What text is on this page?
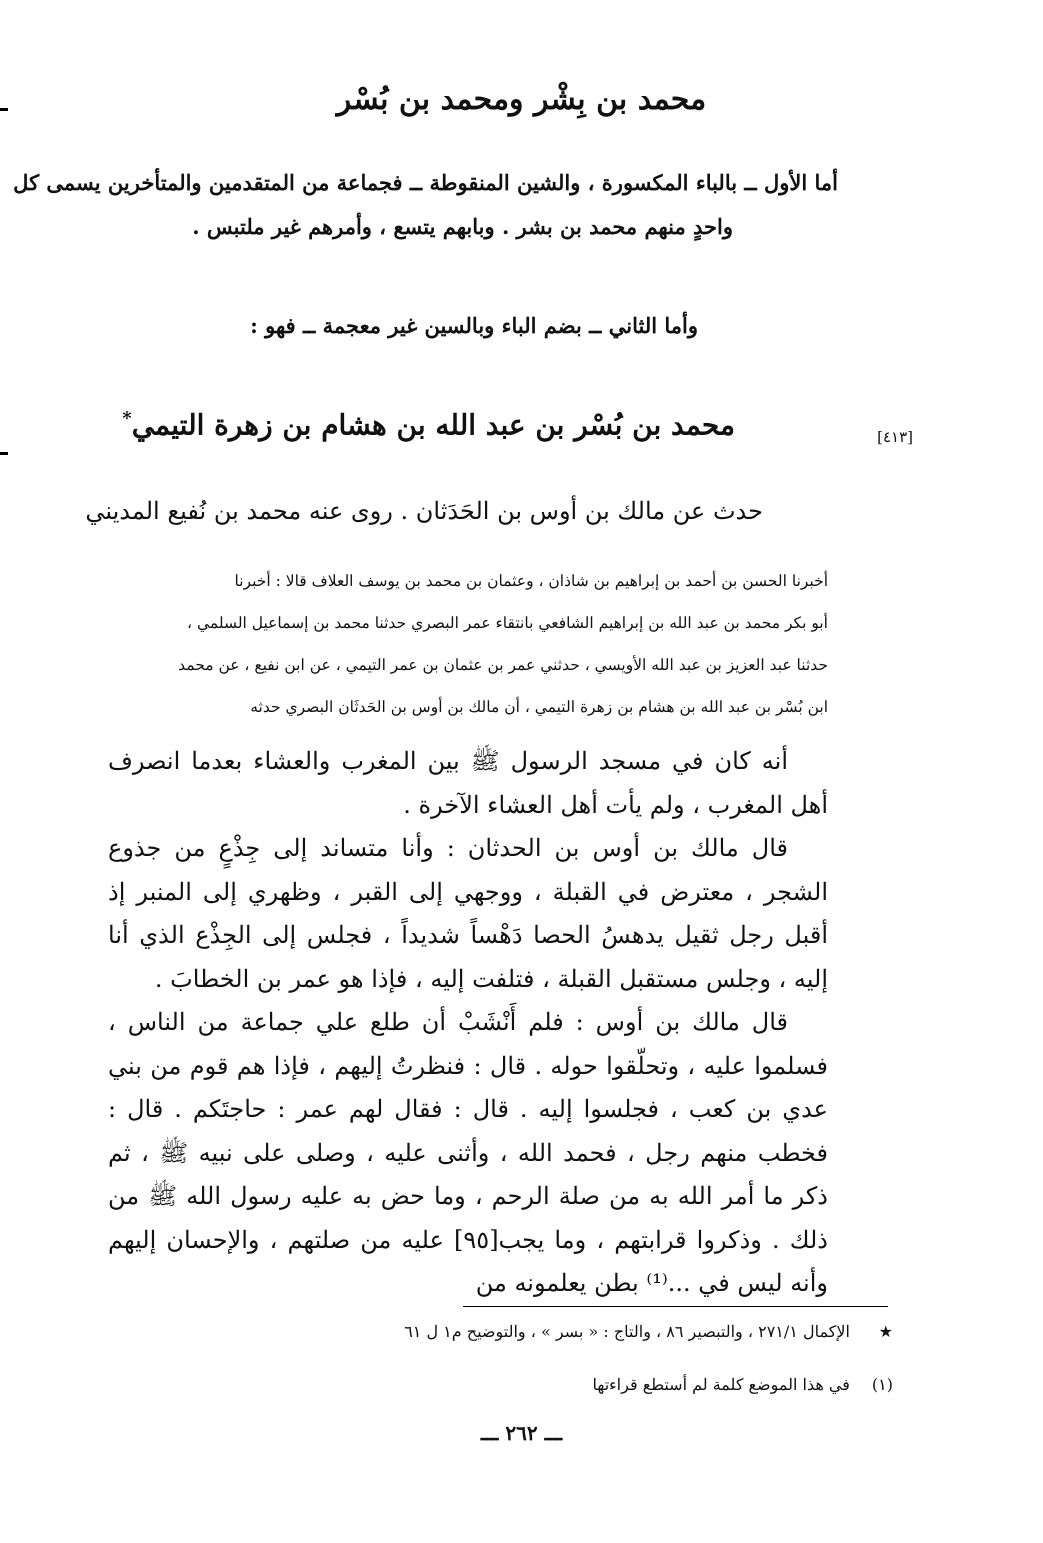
محمد بن بِشْر ومحمد بن بُسْر
أما الأول ــ بالباء المكسورة ، والشين المنقوطة ــ فجماعة من المتقدمين والمتأخرين يسمى كل
واحدٍ منهم محمد بن بشر . وبابهم يتسع ، وأمرهم غير ملتبس .
وأما الثاني ــ بضم الباء وبالسين غير معجمة ــ فهو :
محمد بن بُسْر بن عبد الله بن هشام بن زهرة التيمي*
[٤١٣]
حدث عن مالك بن أوس بن الحَدَثان . روى عنه محمد بن نُفيع المديني
أخبرنا الحسن بن أحمد بن إبراهيم بن شاذان ، وعثمان بن محمد بن يوسف العلاف قالا : أخبرنا
أبو بكر محمد بن عبد الله بن إبراهيم الشافعي بانتقاء عمر البصري حدثنا محمد بن إسماعيل السلمي ،
حدثنا عبد العزيز بن عبد الله الأويسي ، حدثني عمر بن عثمان بن عمر التيمي ، عن ابن نفيع ، عن محمد
ابن بُسْر بن عبد الله بن هشام بن زهرة التيمي ، أن مالك بن أوس بن الحَدثَان البصري حدثه

أنه كان في مسجد الرسول ﷺ بين المغرب والعشاء بعدما انصرف أهل المغرب ، ولم يأت أهل العشاء الآخرة .

قال مالك بن أوس بن الحدثان : وأنا متساند إلى جِذْعٍ من جذوع الشجر ، معترض في القبلة ، ووجهي إلى القبر ، وظهري إلى المنبر إذ أقبل رجل ثقيل يدهسُ الحصا دَهْساً شديداً ، فجلس إلى الجِذْع الذي أنا إليه ، وجلس مستقبل القبلة ، فتلفت إليه ، فإذا هو عمر بن الخطابَ .

قال مالك بن أوس : فلم أَنْشَبْ أن طلع علي جماعة من الناس ، فسلموا عليه ، وتحلّقوا حوله . قال : فنظرتُ إليهم ، فإذا هم قوم من بني عدي بن كعب ، فجلسوا إليه . قال : فقال لهم عمر : حاجتَكم . قال : فخطب منهم رجل ، فحمد الله ، وأثنى عليه ، وصلى على نبيه ﷺ ، ثم ذكر ما أمر الله به من صلة الرحم ، وما حض به عليه رسول الله ﷺ من ذلك . وذكروا قرابتهم ، وما يجب[٩٥] عليه من صلتهم ، والإحسان إليهم وأنه ليس في ...⁽¹⁾ بطن يعلمونه من

★ الإكمال ٢٧١/١ ، والتبصير ٨٦ ، والتاج : « بسر » ، والتوضيح م١ ل ٦١
(١) في هذا الموضع كلمة لم أستطع قراءتها
ـــ ٢٦٢ ـــ
